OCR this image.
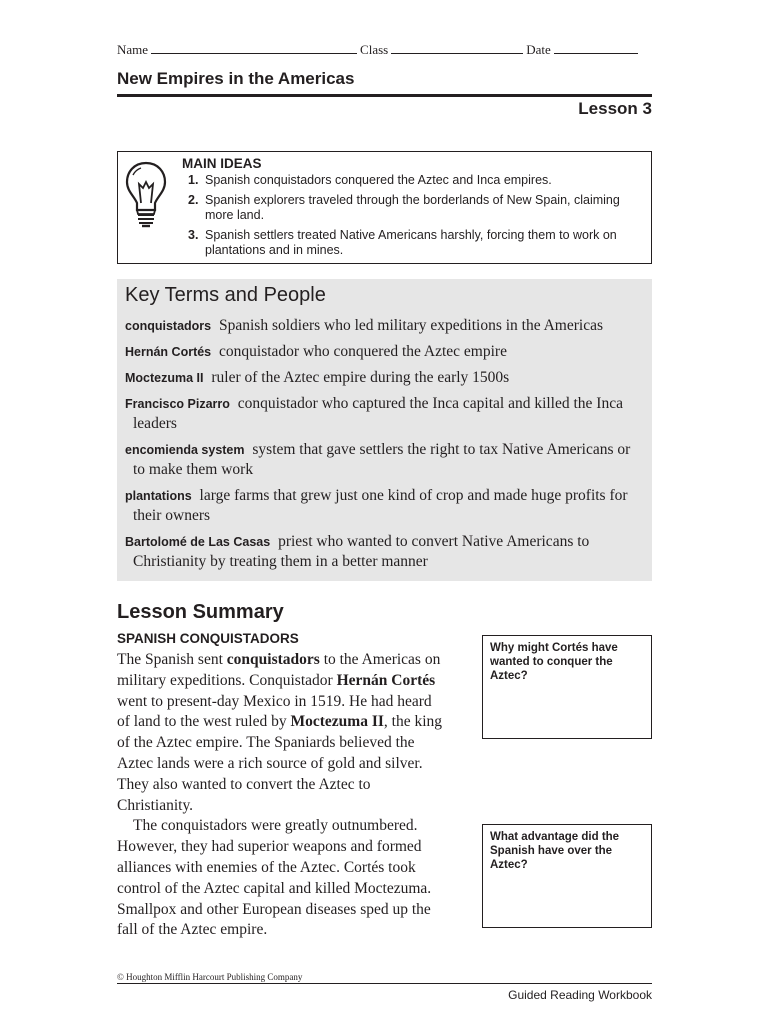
Name	Class	Date
New Empires in the Americas
Lesson 3
MAIN IDEAS
1. Spanish conquistadors conquered the Aztec and Inca empires.
2. Spanish explorers traveled through the borderlands of New Spain, claiming more land.
3. Spanish settlers treated Native Americans harshly, forcing them to work on plantations and in mines.
Key Terms and People
conquistadors Spanish soldiers who led military expeditions in the Americas
Hernán Cortés conquistador who conquered the Aztec empire
Moctezuma II ruler of the Aztec empire during the early 1500s
Francisco Pizarro conquistador who captured the Inca capital and killed the Inca leaders
encomienda system system that gave settlers the right to tax Native Americans or to make them work
plantations large farms that grew just one kind of crop and made huge profits for their owners
Bartolomé de Las Casas priest who wanted to convert Native Americans to Christianity by treating them in a better manner
Lesson Summary
SPANISH CONQUISTADORS

The Spanish sent conquistadors to the Americas on military expeditions. Conquistador Hernán Cortés went to present-day Mexico in 1519. He had heard of land to the west ruled by Moctezuma II, the king of the Aztec empire. The Spaniards believed the Aztec lands were a rich source of gold and silver. They also wanted to convert the Aztec to Christianity.

The conquistadors were greatly outnumbered. However, they had superior weapons and formed alliances with enemies of the Aztec. Cortés took control of the Aztec capital and killed Moctezuma. Smallpox and other European diseases sped up the fall of the Aztec empire.

Why might Cortés have wanted to conquer the Aztec?
What advantage did the Spanish have over the Aztec?
© Houghton Mifflin Harcourt Publishing Company
Guided Reading Workbook
